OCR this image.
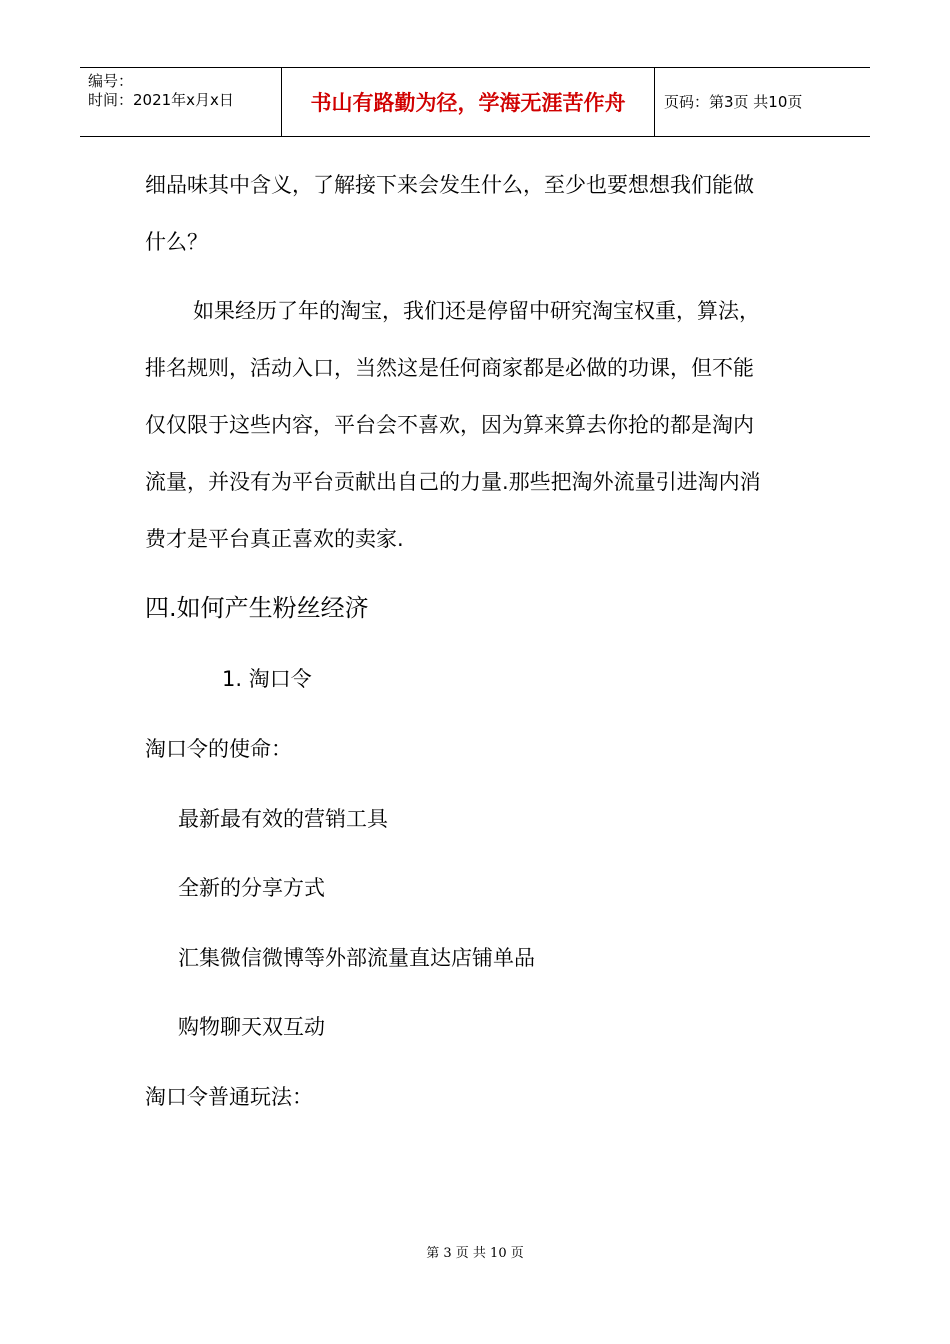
编号：
时间：2021年x月x日	书山有路勤为径，学海无涯苦作舟	页码：第3页 共10页
细品味其中含义，了解接下来会发生什么，至少也要想想我们能做
什么？
如果经历了年的淘宝，我们还是停留中研究淘宝权重，算法，
排名规则，活动入口，当然这是任何商家都是必做的功课，但不能
仅仅限于这些内容，平台会不喜欢，因为算来算去你抢的都是淘内
流量，并没有为平台贡献出自己的力量.那些把淘外流量引进淘内消
费才是平台真正喜欢的卖家.
四.如何产生粉丝经济
1. 淘口令
淘口令的使命：
最新最有效的营销工具
全新的分享方式
汇集微信微博等外部流量直达店铺单品
购物聊天双互动
淘口令普通玩法：
第 3 页 共 10 页
